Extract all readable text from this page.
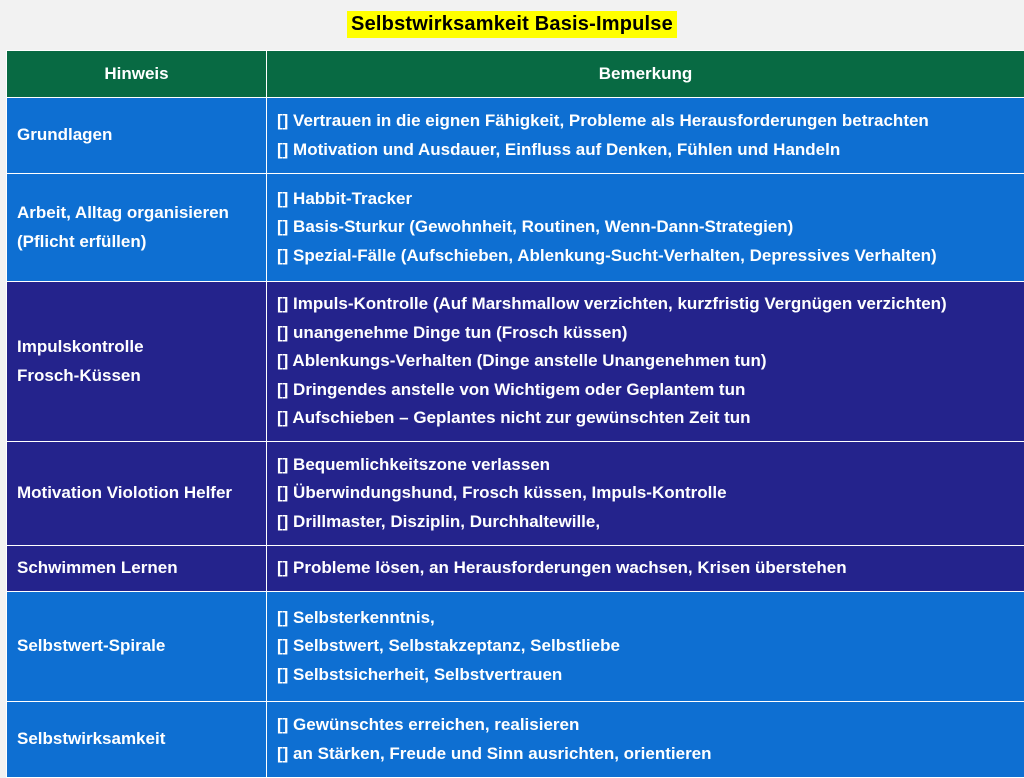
Selbstwirksamkeit Basis-Impulse
Hinweis	Bemerkung

Grundlagen	[] Vertrauen in die eignen Fähigkeit, Probleme als Herausforderungen betrachten
[] Motivation und Ausdauer, Einfluss auf Denken, Fühlen und Handeln

Arbeit, Alltag organisieren
(Pflicht erfüllen)	[] Habbit-Tracker
[] Basis-Sturkur (Gewohnheit, Routinen, Wenn-Dann-Strategien)
[] Spezial-Fälle (Aufschieben, Ablenkung-Sucht-Verhalten, Depressives Verhalten)

Impulskontrolle
Frosch-Küssen	[] Impuls-Kontrolle (Auf Marshmallow verzichten, kurzfristig Vergnügen verzichten)
[] unangenehme Dinge tun (Frosch küssen)
[] Ablenkungs-Verhalten (Dinge anstelle Unangenehmen tun)
[] Dringendes anstelle von Wichtigem oder Geplantem tun
[] Aufschieben – Geplantes nicht zur gewünschten Zeit tun

Motivation Violotion Helfer	[] Bequemlichkeitszone verlassen
[] Überwindungshund, Frosch küssen, Impuls-Kontrolle
[] Drillmaster, Disziplin, Durchhaltewille,

Schwimmen Lernen	[] Probleme lösen, an Herausforderungen wachsen, Krisen überstehen

Selbstwert-Spirale	[] Selbsterkenntnis,
[] Selbstwert, Selbstakzeptanz, Selbstliebe
[] Selbstsicherheit, Selbstvertrauen

Selbstwirksamkeit	[] Gewünschtes erreichen, realisieren
[] an Stärken, Freude und Sinn ausrichten, orientieren
